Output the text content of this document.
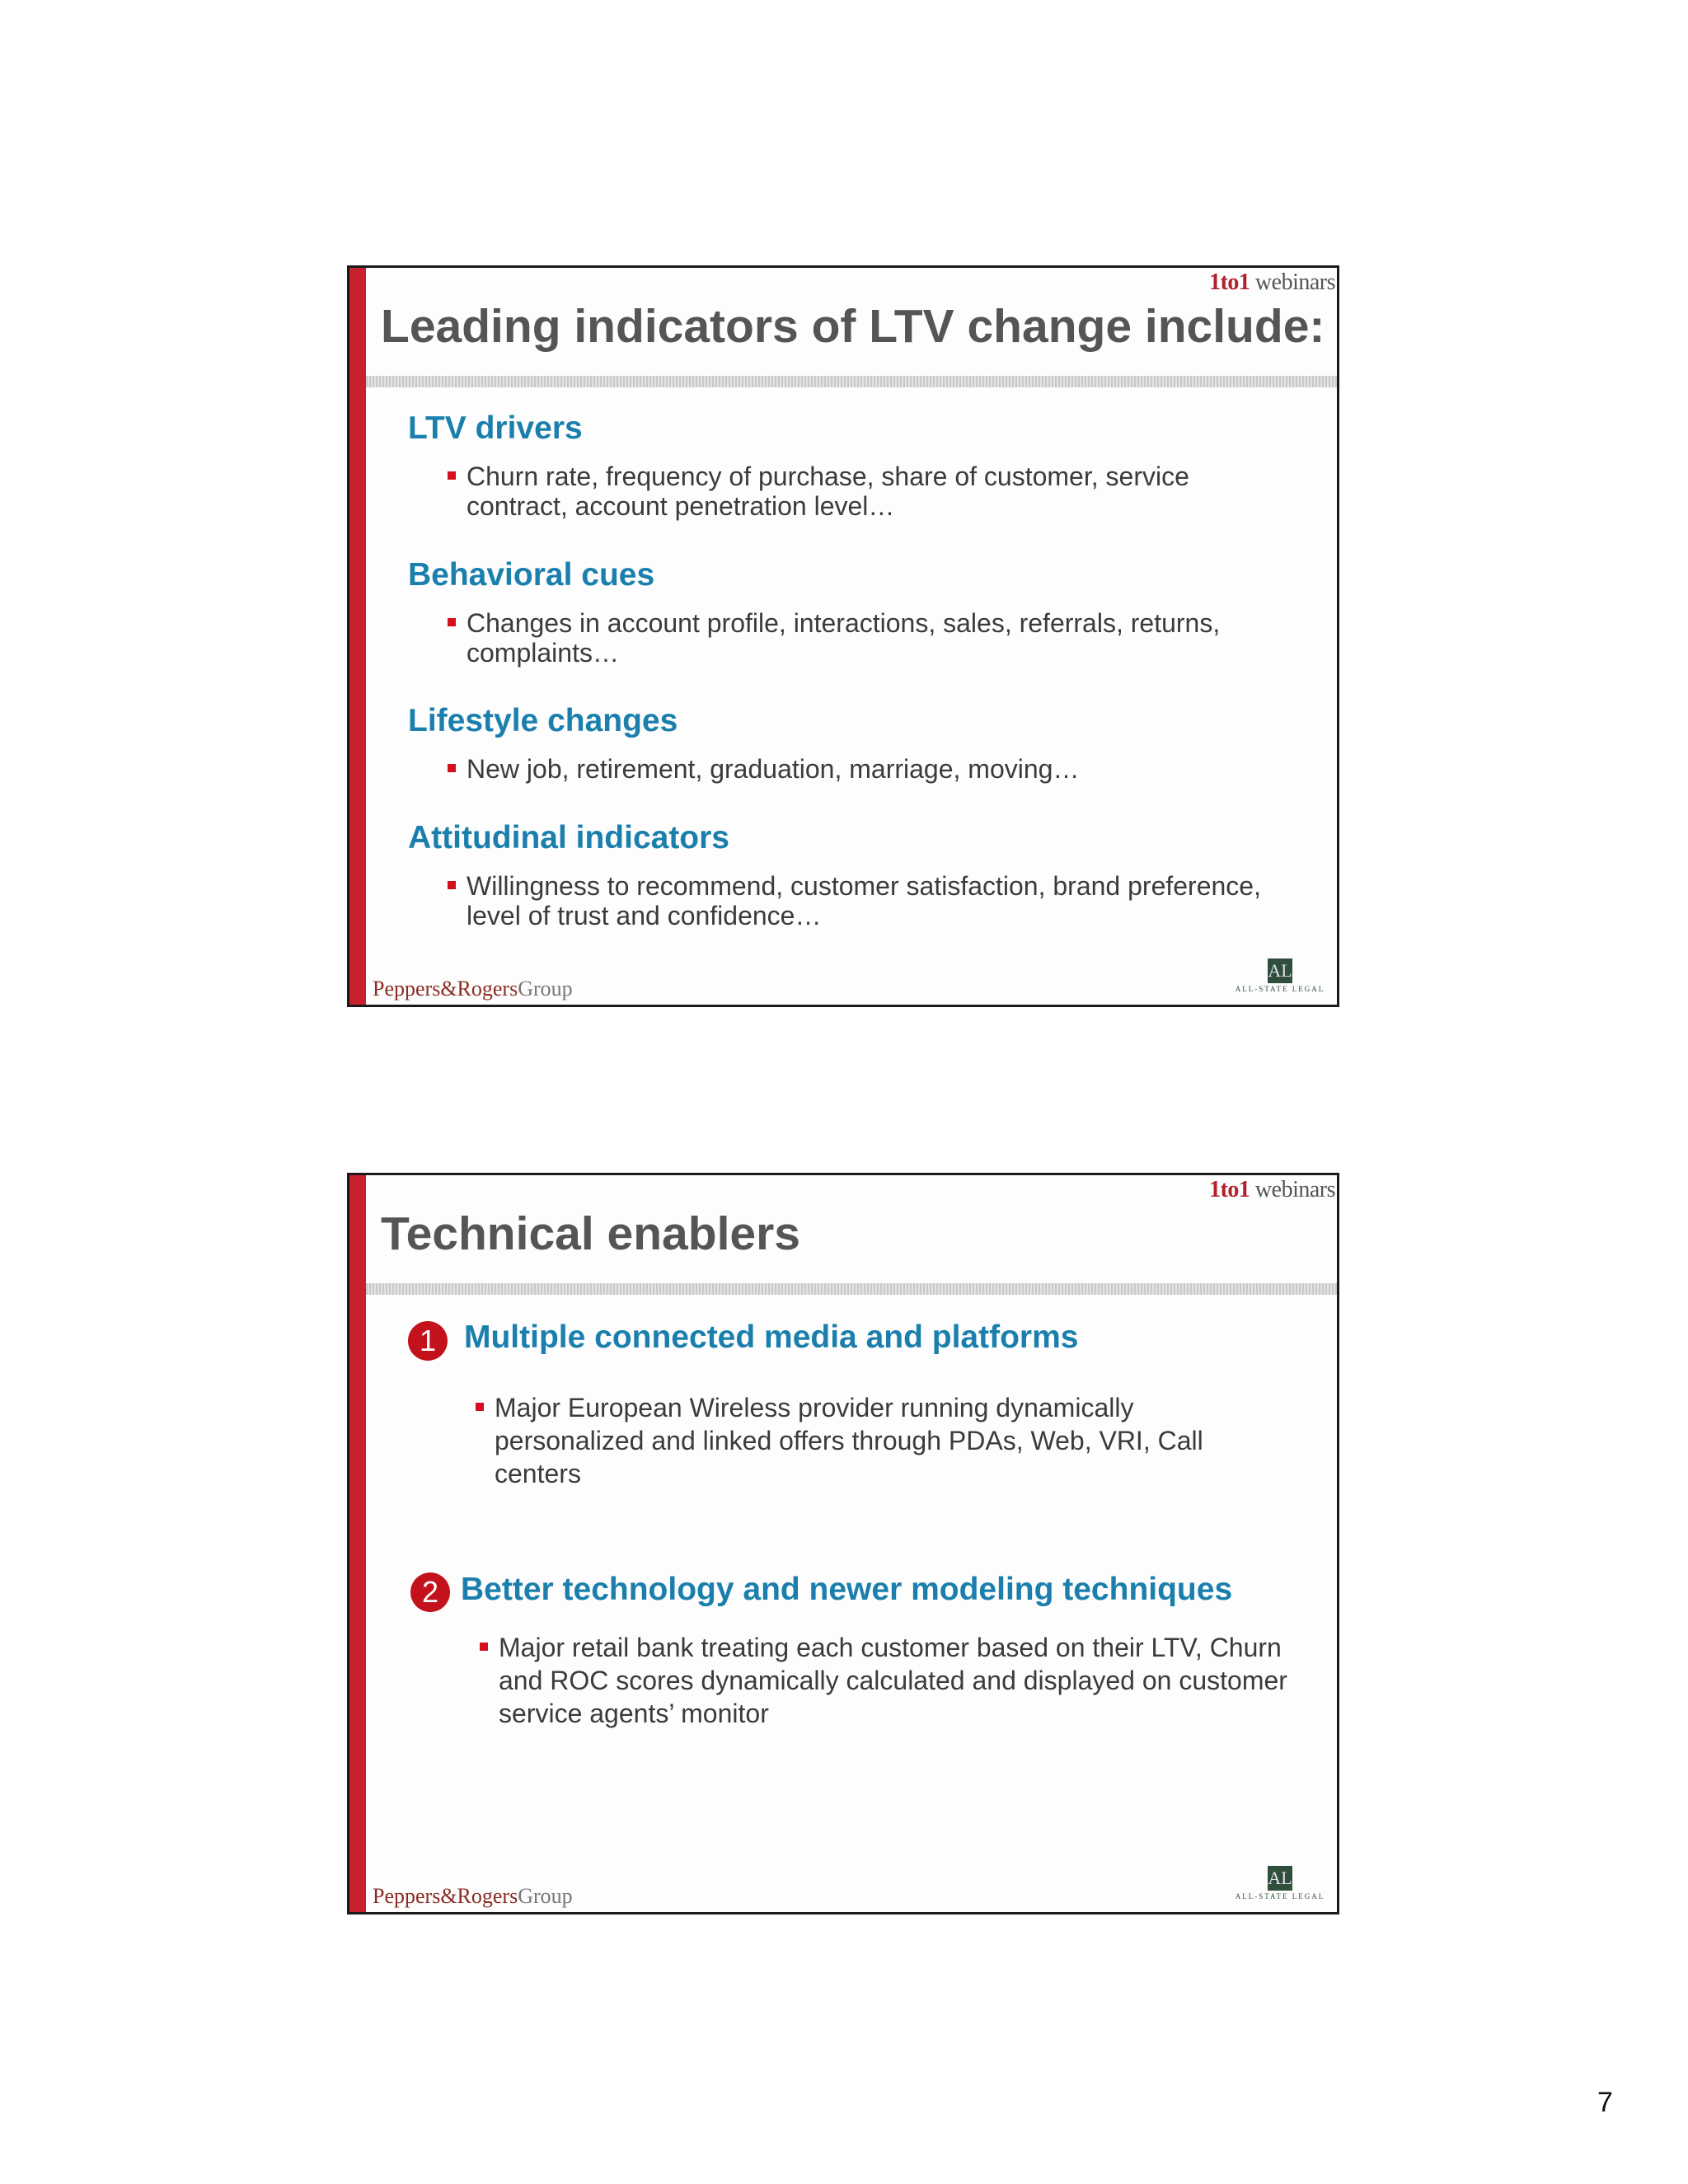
1to1 webinars
Leading indicators of LTV change include:
LTV drivers
Churn rate, frequency of purchase, share of customer, service contract, account penetration level…
Behavioral cues
Changes in account profile, interactions, sales, referrals, returns, complaints…
Lifestyle changes
New job, retirement, graduation, marriage, moving…
Attitudinal indicators
Willingness to recommend, customer satisfaction, brand preference, level of trust and confidence…
Peppers&RogersGroup
AL
ALL-STATE LEGAL
1to1 webinars
Technical enablers
1 Multiple connected media and platforms
Major European Wireless provider running dynamically personalized and linked offers through PDAs, Web, VRI, Call centers
2 Better technology and newer modeling techniques
Major retail bank treating each customer based on their LTV, Churn and ROC scores dynamically calculated and displayed on customer service agents’ monitor
Peppers&RogersGroup
AL
ALL-STATE LEGAL
7
